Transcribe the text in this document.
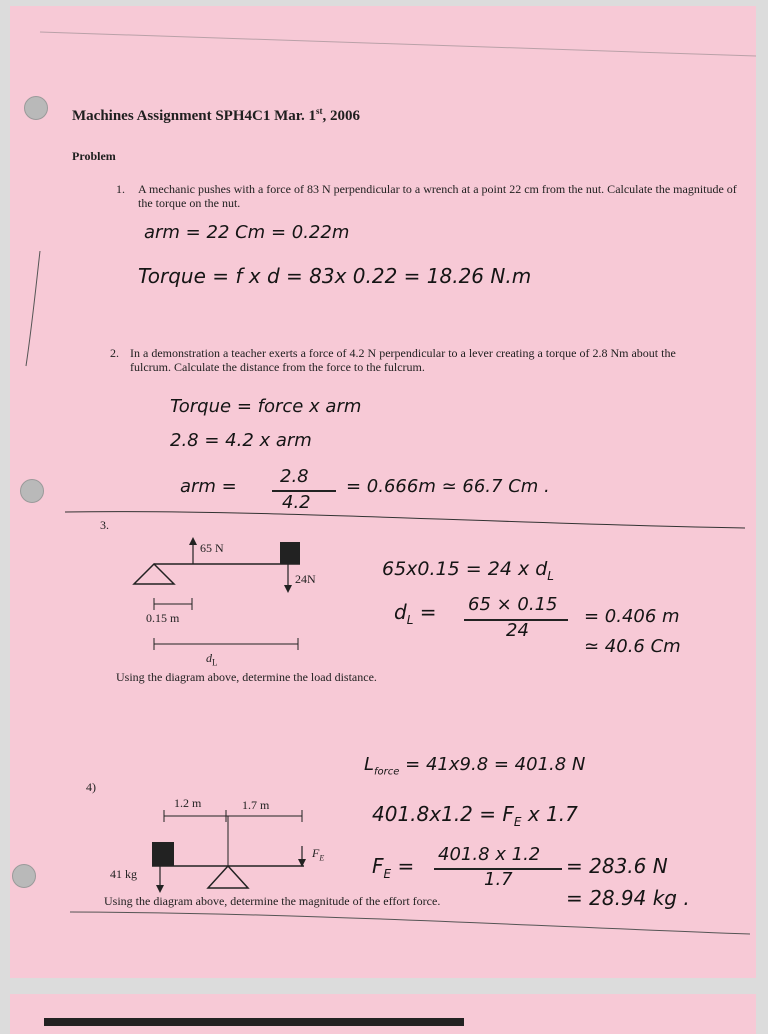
Machines Assignment SPH4C1 Mar. 1st, 2006
Problem
1. A mechanic pushes with a force of 83 N perpendicular to a wrench at a point 22 cm from the nut. Calculate the magnitude of the torque on the nut.
arm = 22 Cm = 0.22m
Torque = f x d = 83x 0.22 = 18.26 N.m
2. In a demonstration a teacher exerts a force of 4.2 N perpendicular to a lever creating a torque of 2.8 Nm about the fulcrum. Calculate the distance from the force to the fulcrum.
Torque = force x arm
2.8 = 4.2 x arm
arm = 2.8
4.2
= 0.666m ≃ 66.7 Cm .
3.
65 N
24N
0.15 m
$d_L$
Using the diagram above, determine the load distance.
65x0.15 = 24 x $d_L$
$d_L = 65 \times 0.15$
24
= 0.406 m
≃ 40.6 Cm
4)
1.2 m	1.7 m
$F_E$
41 kg
Using the diagram above, determine the magnitude of the effort force.
$L_{force} = 41x9.8 = 401.8$ N
$401.8x1.2 = F_E$ x 1.7
$F_E = 401.8$ x 1.2
1.7
= 283.6 N
= 28.94 kg .
